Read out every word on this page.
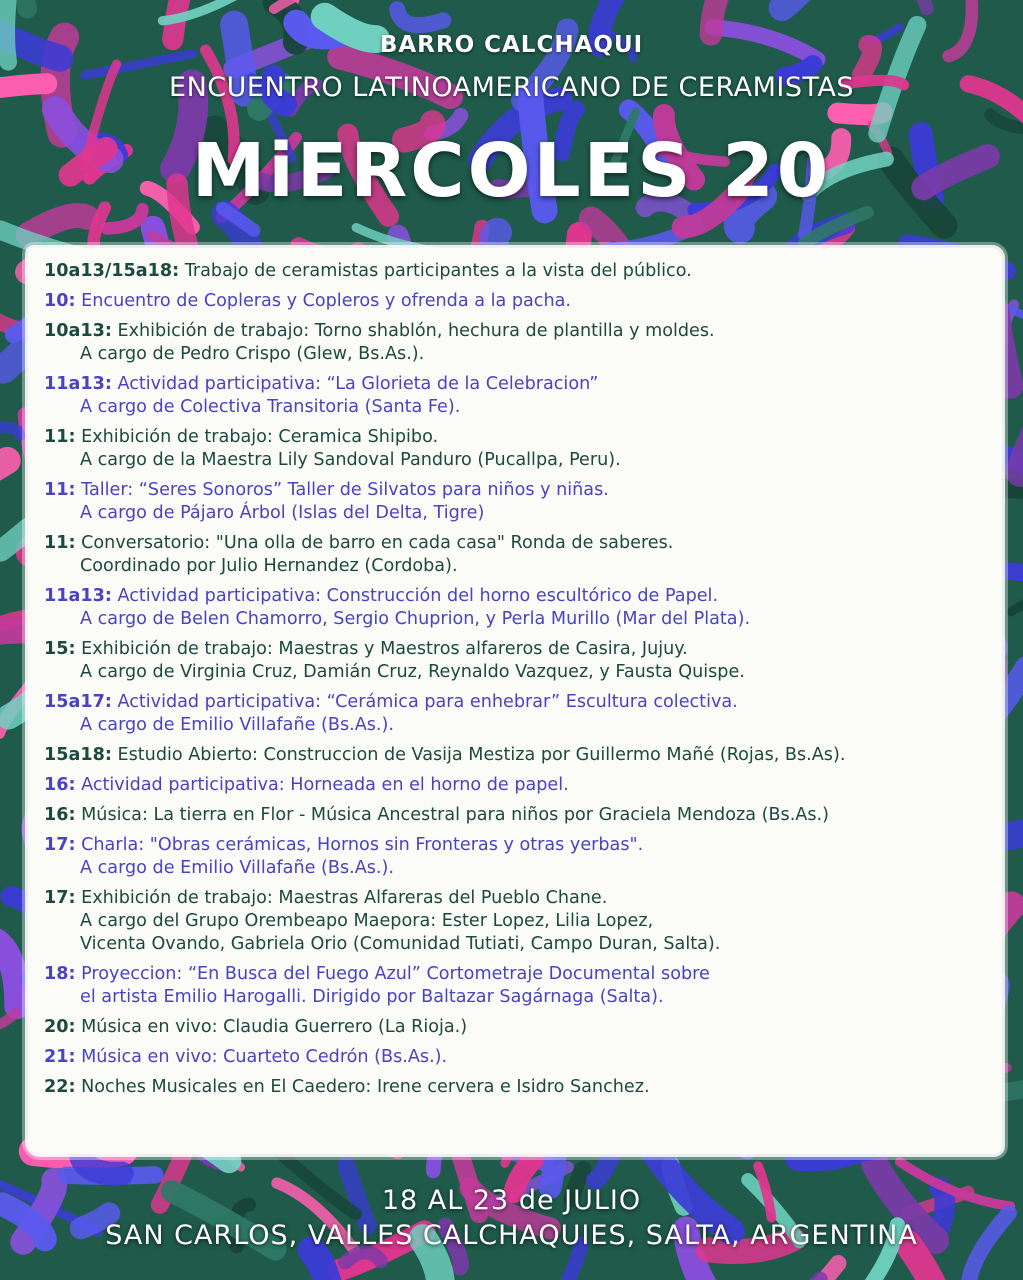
BARRO CALCHAQUI
ENCUENTRO LATINOAMERICANO DE CERAMISTAS
MiERCOLES 20
10a13/15a18: Trabajo de ceramistas participantes a la vista del público.
10: Encuentro de Copleras y Copleros y ofrenda a la pacha.
10a13: Exhibición de trabajo: Torno shablón, hechura de plantilla y moldes.
A cargo de Pedro Crispo (Glew, Bs.As.).
11a13: Actividad participativa: “La Glorieta de la Celebracion”
A cargo de Colectiva Transitoria (Santa Fe).
11: Exhibición de trabajo: Ceramica Shipibo.
A cargo de la Maestra Lily Sandoval Panduro (Pucallpa, Peru).
11: Taller: “Seres Sonoros” Taller de Silvatos para niños y niñas.
A cargo de Pájaro Árbol (Islas del Delta, Tigre)
11: Conversatorio: "Una olla de barro en cada casa" Ronda de saberes.
Coordinado por Julio Hernandez (Cordoba).
11a13: Actividad participativa: Construcción del horno escultórico de Papel.
A cargo de Belen Chamorro, Sergio Chuprion, y Perla Murillo (Mar del Plata).
15: Exhibición de trabajo: Maestras y Maestros alfareros de Casira, Jujuy.
A cargo de Virginia Cruz, Damián Cruz, Reynaldo Vazquez, y Fausta Quispe.
15a17: Actividad participativa: “Cerámica para enhebrar” Escultura colectiva.
A cargo de Emilio Villafañe (Bs.As.).
15a18: Estudio Abierto: Construccion de Vasija Mestiza por Guillermo Mañé (Rojas, Bs.As).
16: Actividad participativa: Horneada en el horno de papel.
16: Música: La tierra en Flor - Música Ancestral para niños por Graciela Mendoza (Bs.As.)
17: Charla: "Obras cerámicas, Hornos sin Fronteras y otras yerbas".
A cargo de Emilio Villafañe (Bs.As.).
17: Exhibición de trabajo: Maestras Alfareras del Pueblo Chane.
A cargo del Grupo Orembeapo Maepora: Ester Lopez, Lilia Lopez,
Vicenta Ovando, Gabriela Orio (Comunidad Tutiati, Campo Duran, Salta).
18: Proyeccion: “En Busca del Fuego Azul” Cortometraje Documental sobre
el artista Emilio Harogalli. Dirigido por Baltazar Sagárnaga (Salta).
20: Música en vivo: Claudia Guerrero (La Rioja.)
21: Música en vivo: Cuarteto Cedrón (Bs.As.).
22: Noches Musicales en El Caedero: Irene cervera e Isidro Sanchez.
18 AL 23 de JULIO
SAN CARLOS, VALLES CALCHAQUIES, SALTA, ARGENTINA
